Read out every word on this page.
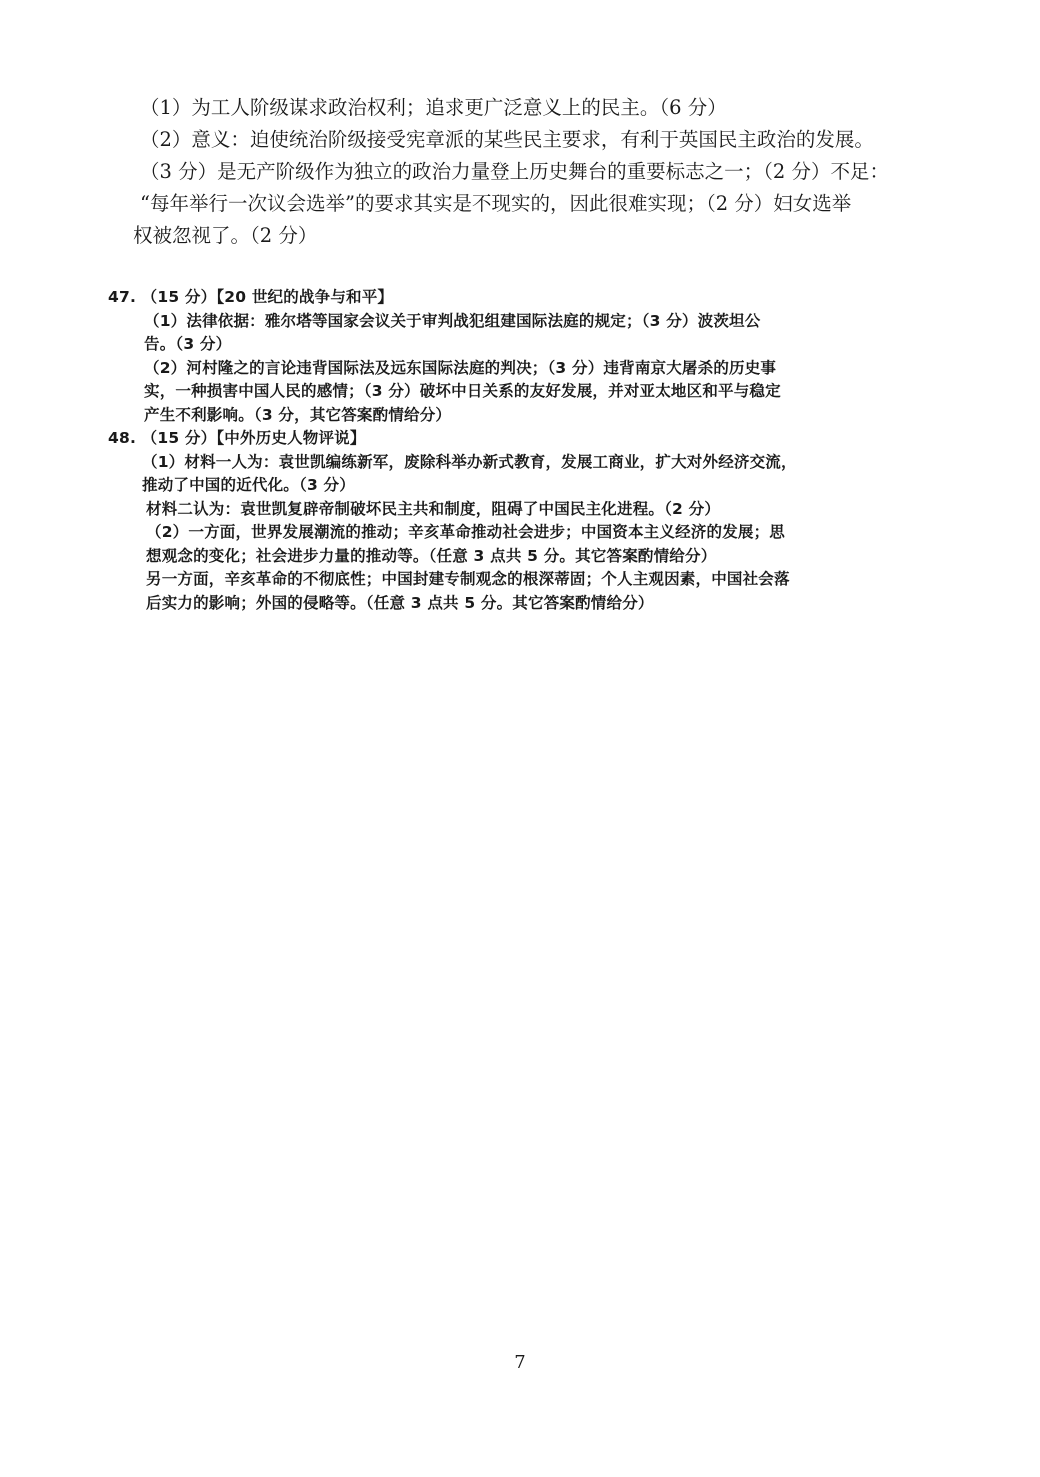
（1）为工人阶级谋求政治权利；追求更广泛意义上的民主。（6 分）
（2）意义：迫使统治阶级接受宪章派的某些民主要求，有利于英国民主政治的发展。
（3 分）是无产阶级作为独立的政治力量登上历史舞台的重要标志之一；（2 分）不足：
“每年举行一次议会选举”的要求其实是不现实的，因此很难实现；（2 分）妇女选举
权被忽视了。（2 分）
47. （15 分）【20 世纪的战争与和平】
（1）法律依据：雅尔塔等国家会议关于审判战犯组建国际法庭的规定；（3 分）波茨坦公
告。（3 分）
（2）河村隆之的言论违背国际法及远东国际法庭的判决；（3 分）违背南京大屠杀的历史事
实，一种损害中国人民的感情；（3 分）破坏中日关系的友好发展，并对亚太地区和平与稳定
产生不利影响。（3 分，其它答案酌情给分）
48. （15 分）【中外历史人物评说】
（1）材料一人为：袁世凯编练新军，废除科举办新式教育，发展工商业，扩大对外经济交流，
推动了中国的近代化。（3 分）
材料二认为：袁世凯复辟帝制破坏民主共和制度，阻碍了中国民主化进程。（2 分）
（2）一方面，世界发展潮流的推动；辛亥革命推动社会进步；中国资本主义经济的发展；思
想观念的变化；社会进步力量的推动等。（任意 3 点共 5 分。其它答案酌情给分）
另一方面，辛亥革命的不彻底性；中国封建专制观念的根深蒂固；个人主观因素，中国社会落
后实力的影响；外国的侵略等。（任意 3 点共 5 分。其它答案酌情给分）
7
